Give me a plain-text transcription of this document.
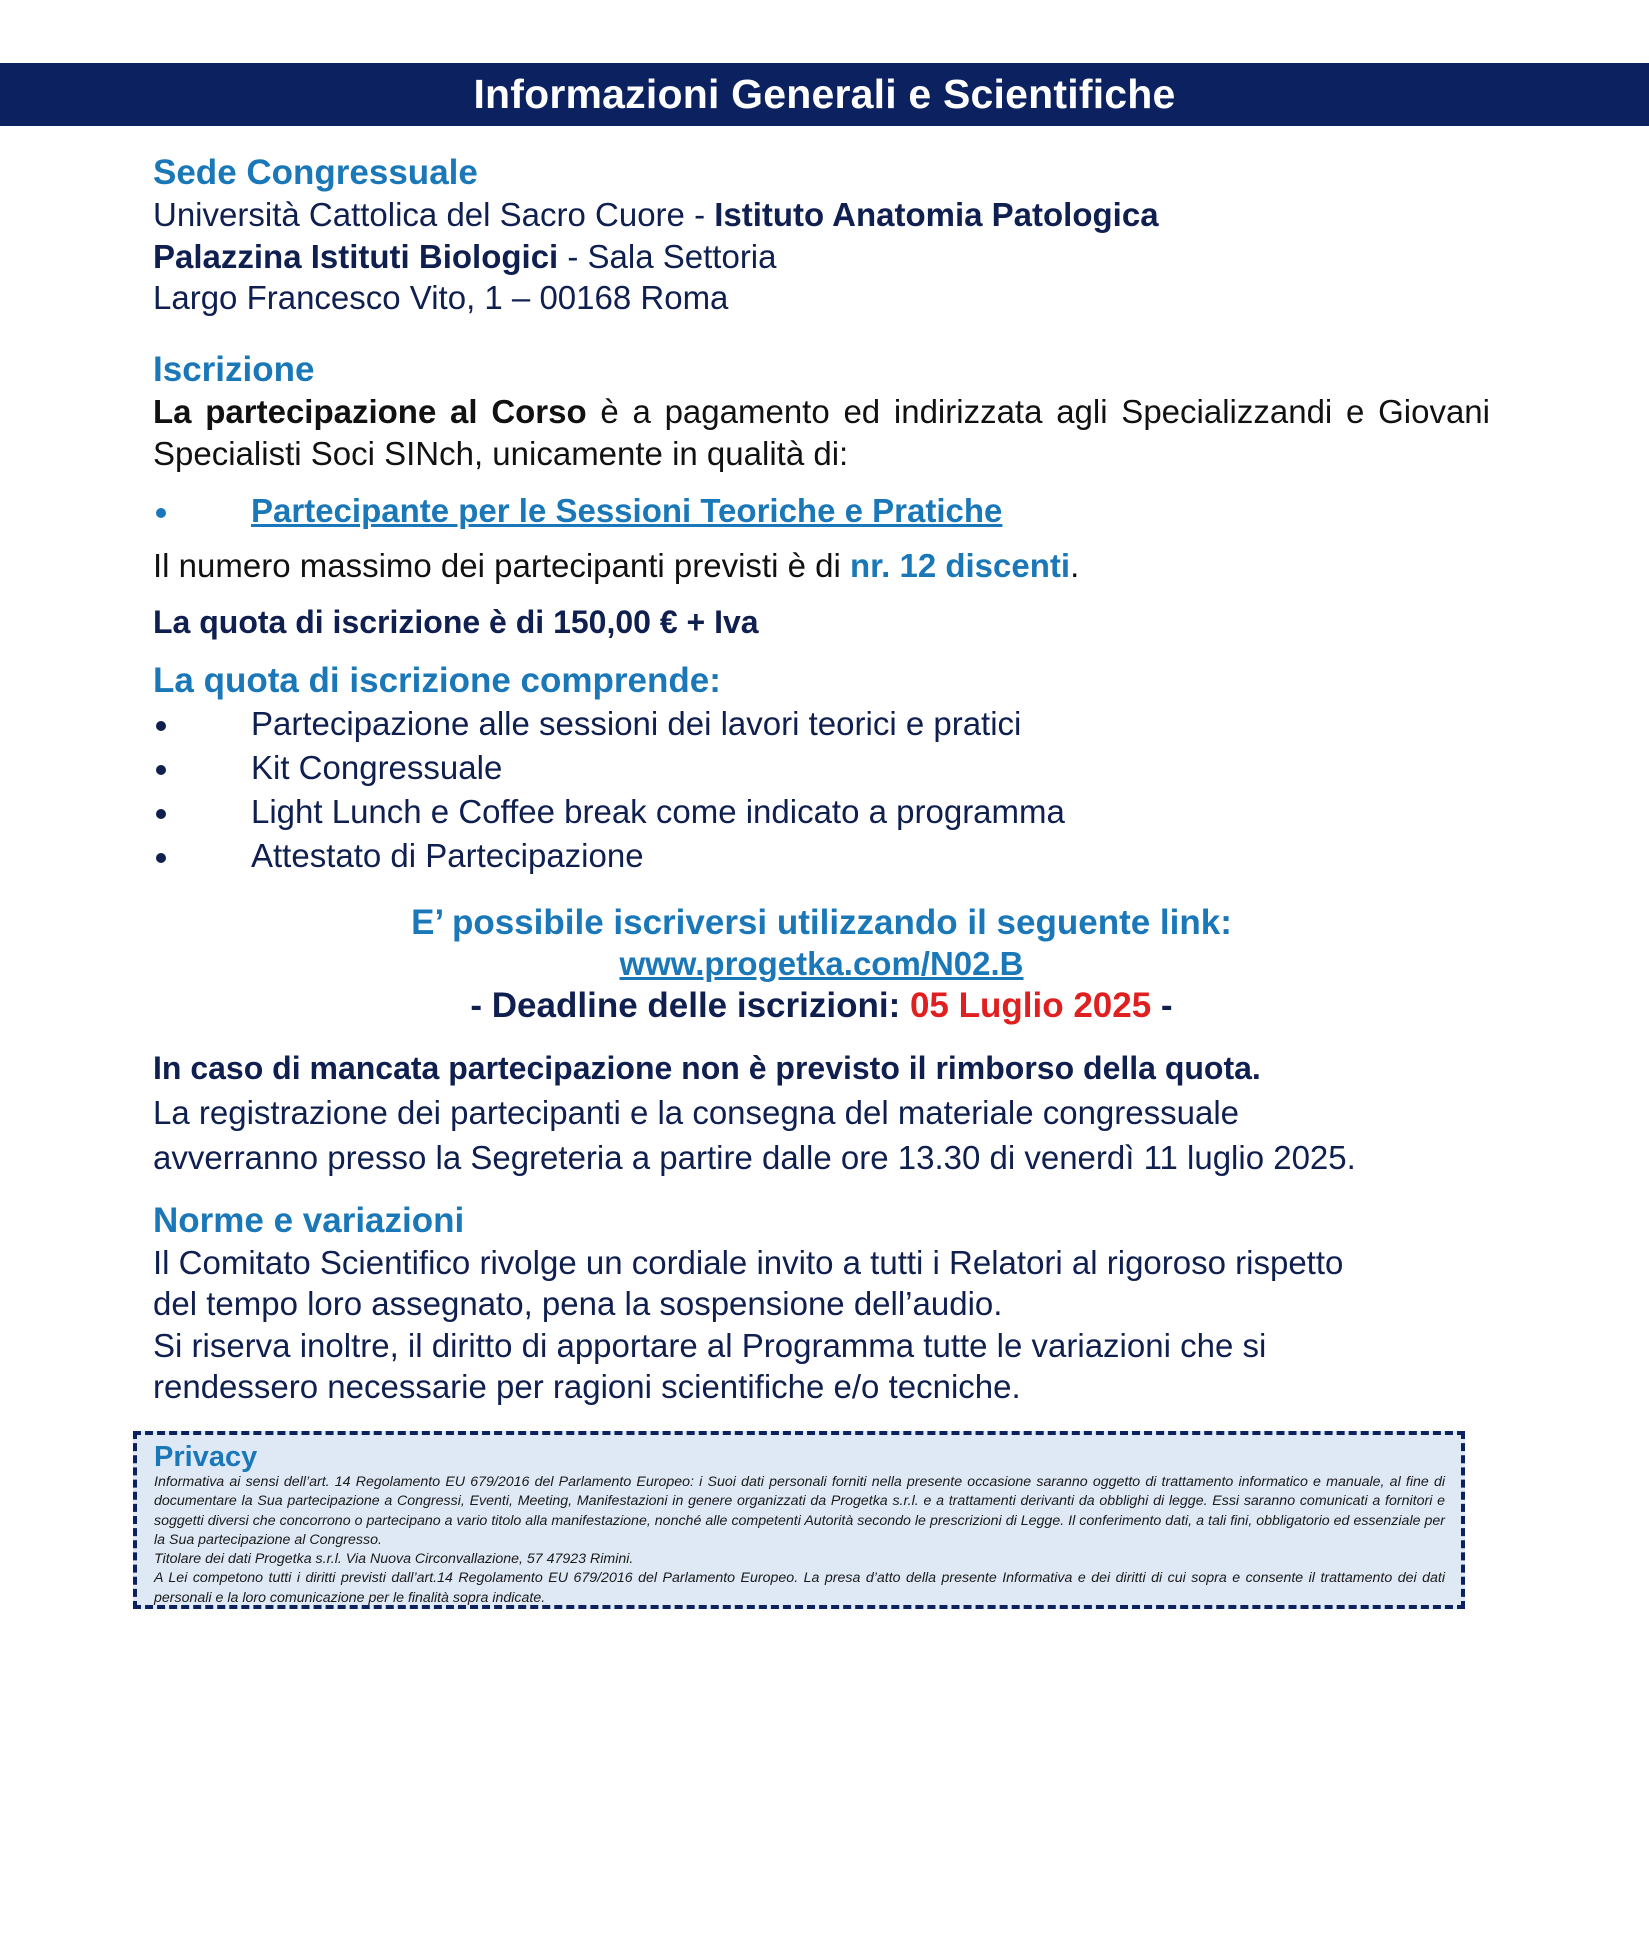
Informazioni Generali e Scientifiche
Sede Congressuale

Università Cattolica del Sacro Cuore - Istituto Anatomia Patologica

Palazzina Istituti Biologici - Sala Settoria

Largo Francesco Vito, 1 – 00168 Roma

Iscrizione

La partecipazione al Corso è a pagamento ed indirizzata agli Specializzandi e Giovani Specialisti Soci SINch, unicamente in qualità di:

Partecipante per le Sessioni Teoriche e Pratiche

Il numero massimo dei partecipanti previsti è di nr. 12 discenti.

La quota di iscrizione è di 150,00 € + Iva

La quota di iscrizione comprende:
Partecipazione alle sessioni dei lavori teorici e pratici
Kit Congressuale
Light Lunch e Coffee break come indicato a programma
Attestato di Partecipazione

E’ possibile iscriversi utilizzando il seguente link:

www.progetka.com/N02.B

- Deadline delle iscrizioni: 05 Luglio 2025 -

In caso di mancata partecipazione non è previsto il rimborso della quota.

La registrazione dei partecipanti e la consegna del materiale congressuale

avverranno presso la Segreteria a partire dalle ore 13.30 di venerdì 11 luglio 2025.

Norme e variazioni

Il Comitato Scientifico rivolge un cordiale invito a tutti i Relatori al rigoroso rispetto

del tempo loro assegnato, pena la sospensione dell’audio.

Si riserva inoltre, il diritto di apportare al Programma tutte le variazioni che si

rendessero necessarie per ragioni scientifiche e/o tecniche.

Privacy

Informativa ai sensi dell’art. 14 Regolamento EU 679/2016 del Parlamento Europeo: i Suoi dati personali forniti nella presente occasione saranno oggetto di trattamento informatico e manuale, al fine di documentare la Sua partecipazione a Congressi, Eventi, Meeting, Manifestazioni in genere organizzati da Progetka s.r.l. e a trattamenti derivanti da obblighi di legge. Essi saranno comunicati a fornitori e soggetti diversi che concorrono o partecipano a vario titolo alla manifestazione, nonché alle competenti Autorità secondo le prescrizioni di Legge. Il conferimento dati, a tali fini, obbligatorio ed essenziale per la Sua partecipazione al Congresso.

Titolare dei dati Progetka s.r.l. Via Nuova Circonvallazione, 57 47923 Rimini.

A Lei competono tutti i diritti previsti dall’art.14 Regolamento EU 679/2016 del Parlamento Europeo. La presa d’atto della presente Informativa e dei diritti di cui sopra e consente il trattamento dei dati personali e la loro comunicazione per le finalità sopra indicate.
